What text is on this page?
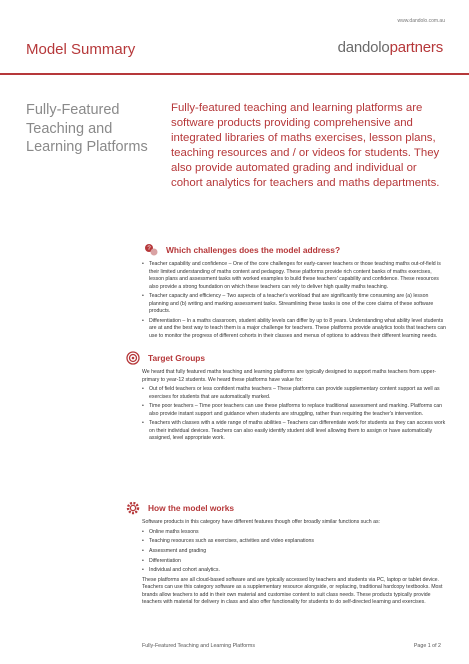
www.dandolo.com.au
Model Summary	dandolopartners
Fully-Featured Teaching and Learning Platforms
Fully-featured teaching and learning platforms are software products providing comprehensive and integrated libraries of maths exercises, lesson plans, teaching resources and / or videos for students. They also provide automated grading and individual or cohort analytics for teachers and maths departments.
? Which challenges does the model address?
• Teacher capability and confidence – One of the core challenges for early-career teachers or those teaching maths out-of-field is their limited understanding of maths content and pedagogy. These platforms provide rich content banks of maths exercises, lesson plans and assessment tasks with worked examples to build these teachers' capability and confidence. These resources also provide a strong foundation on which these teachers can rely to deliver high quality maths teaching.
• Teacher capacity and efficiency – Two aspects of a teacher's workload that are significantly time consuming are (a) lesson planning and (b) writing and marking assessment tasks. Streamlining these tasks is one of the core claims of these software products.
• Differentiation – In a maths classroom, student ability levels can differ by up to 8 years. Understanding what ability level students are at and the best way to teach them is a major challenge for teachers. These platforms provide analytics tools that teachers can use to monitor the progress of different cohorts in their classes and menus of options to address their different learning needs.
Target Groups

We heard that fully featured maths teaching and learning platforms are typically designed to support maths teachers from upper-primary to year-12 students. We heard these platforms have value for:

• Out of field teachers or less confident maths teachers – These platforms can provide supplementary content support as well as exercises for students that are automatically marked.
• Time poor teachers – Time poor teachers can use these platforms to replace traditional assessment and marking. Platforms can also provide instant support and guidance when students are struggling, rather than requiring the teacher's intervention.
• Teachers with classes with a wide range of maths abilities – Teachers can differentiate work for students as they can access work on their individual devices. Teachers can also easily identify student skill level allowing them to assign or have automatically assigned, level appropriate work.
How the model works

Software products in this category have different features though offer broadly similar functions such as:

• Online maths lessons
• Teaching resources such as exercises, activities and video explanations
• Assessment and grading
• Differentiation
• Individual and cohort analytics.

These platforms are all cloud-based software and are typically accessed by teachers and students via PC, laptop or tablet device. Teachers can use this category software as a supplementary resource alongside, or replacing, traditional hardcopy textbooks. Most brands allow teachers to add in their own material and customise content to suit class needs. These products typically provide teachers with material for delivery in class and also offer functionality for students to do self-directed learning and exercises.

Fully-Featured Teaching and Learning Platforms	Page 1 of 2
